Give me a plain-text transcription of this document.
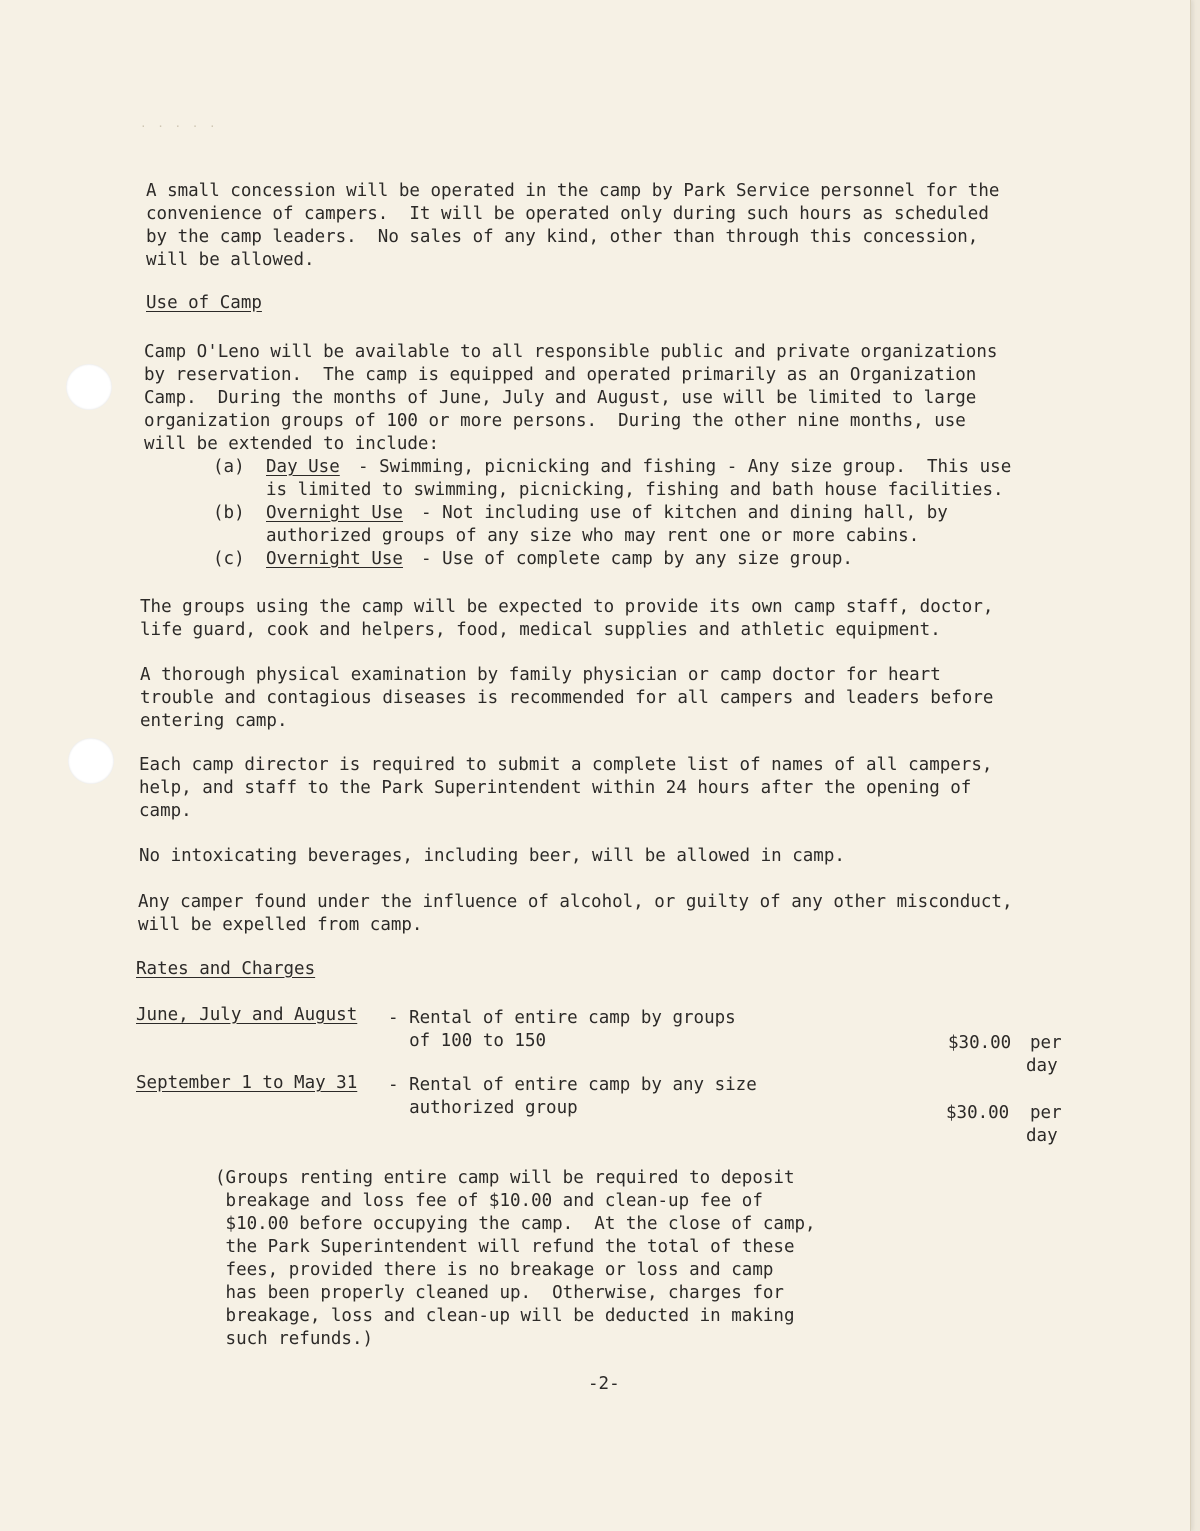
· · · · ·

A small concession will be operated in the camp by Park Service personnel for the

convenience of campers.  It will be operated only during such hours as scheduled

by the camp leaders.  No sales of any kind, other than through this concession,

will be allowed.

Use of Camp

Camp O'Leno will be available to all responsible public and private organizations

by reservation.  The camp is equipped and operated primarily as an Organization

Camp.  During the months of June, July and August, use will be limited to large

organization groups of 100 or more persons.  During the other nine months, use

will be extended to include:

(a) Day Use - Swimming, picnicking and fishing - Any size group.  This use
is limited to swimming, picnicking, fishing and bath house facilities.
(b) Overnight Use - Not including use of kitchen and dining hall, by
authorized groups of any size who may rent one or more cabins.
(c) Overnight Use - Use of complete camp by any size group.

The groups using the camp will be expected to provide its own camp staff, doctor,

life guard, cook and helpers, food, medical supplies and athletic equipment.

A thorough physical examination by family physician or camp doctor for heart

trouble and contagious diseases is recommended for all campers and leaders before

entering camp.

Each camp director is required to submit a complete list of names of all campers,

help, and staff to the Park Superintendent within 24 hours after the opening of

camp.

No intoxicating beverages, including beer, will be allowed in camp.

Any camper found under the influence of alcohol, or guilty of any other misconduct,

will be expelled from camp.

Rates and Charges

June, July and August - Rental of entire camp by groups
of 100 to 150	$30.00 per
day
September 1 to May 31 - Rental of entire camp by any size
authorized group	$30.00 per
day

(Groups renting entire camp will be required to deposit

breakage and loss fee of $10.00 and clean-up fee of

$10.00 before occupying the camp.  At the close of camp,

the Park Superintendent will refund the total of these

fees, provided there is no breakage or loss and camp

has been properly cleaned up.  Otherwise, charges for

breakage, loss and clean-up will be deducted in making

such refunds.)

-2-
